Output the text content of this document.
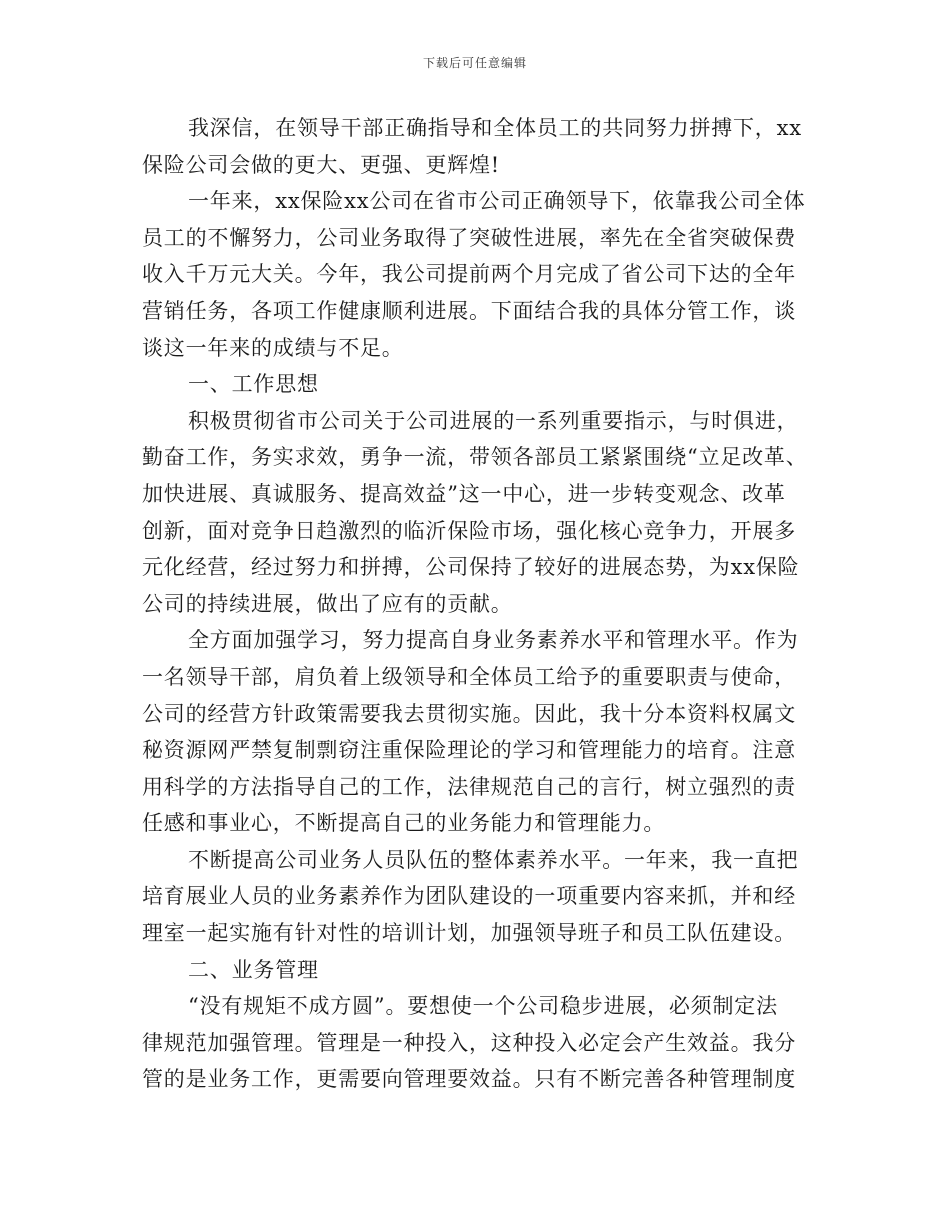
下载后可任意编辑
我深信，在领导干部正确指导和全体员工的共同努力拼搏下，xx
保险公司会做的更大、更强、更辉煌!
一年来，xx保险xx公司在省市公司正确领导下，依靠我公司全体
员工的不懈努力，公司业务取得了突破性进展，率先在全省突破保费
收入千万元大关。今年，我公司提前两个月完成了省公司下达的全年
营销任务，各项工作健康顺利进展。下面结合我的具体分管工作，谈
谈这一年来的成绩与不足。
一、工作思想
积极贯彻省市公司关于公司进展的一系列重要指示，与时俱进，
勤奋工作，务实求效，勇争一流，带领各部员工紧紧围绕“立足改革、
加快进展、真诚服务、提高效益”这一中心，进一步转变观念、改革
创新，面对竞争日趋激烈的临沂保险市场，强化核心竞争力，开展多
元化经营，经过努力和拼搏，公司保持了较好的进展态势，为xx保险
公司的持续进展，做出了应有的贡献。
全方面加强学习，努力提高自身业务素养水平和管理水平。作为
一名领导干部，肩负着上级领导和全体员工给予的重要职责与使命，
公司的经营方针政策需要我去贯彻实施。因此，我十分本资料权属文
秘资源网严禁复制剽窃注重保险理论的学习和管理能力的培育。注意
用科学的方法指导自己的工作，法律规范自己的言行，树立强烈的责
任感和事业心，不断提高自己的业务能力和管理能力。
不断提高公司业务人员队伍的整体素养水平。一年来，我一直把
培育展业人员的业务素养作为团队建设的一项重要内容来抓，并和经
理室一起实施有针对性的培训计划，加强领导班子和员工队伍建设。
二、业务管理
“没有规矩不成方圆”。要想使一个公司稳步进展，必须制定法
律规范加强管理。管理是一种投入，这种投入必定会产生效益。我分
管的是业务工作，更需要向管理要效益。只有不断完善各种管理制度
